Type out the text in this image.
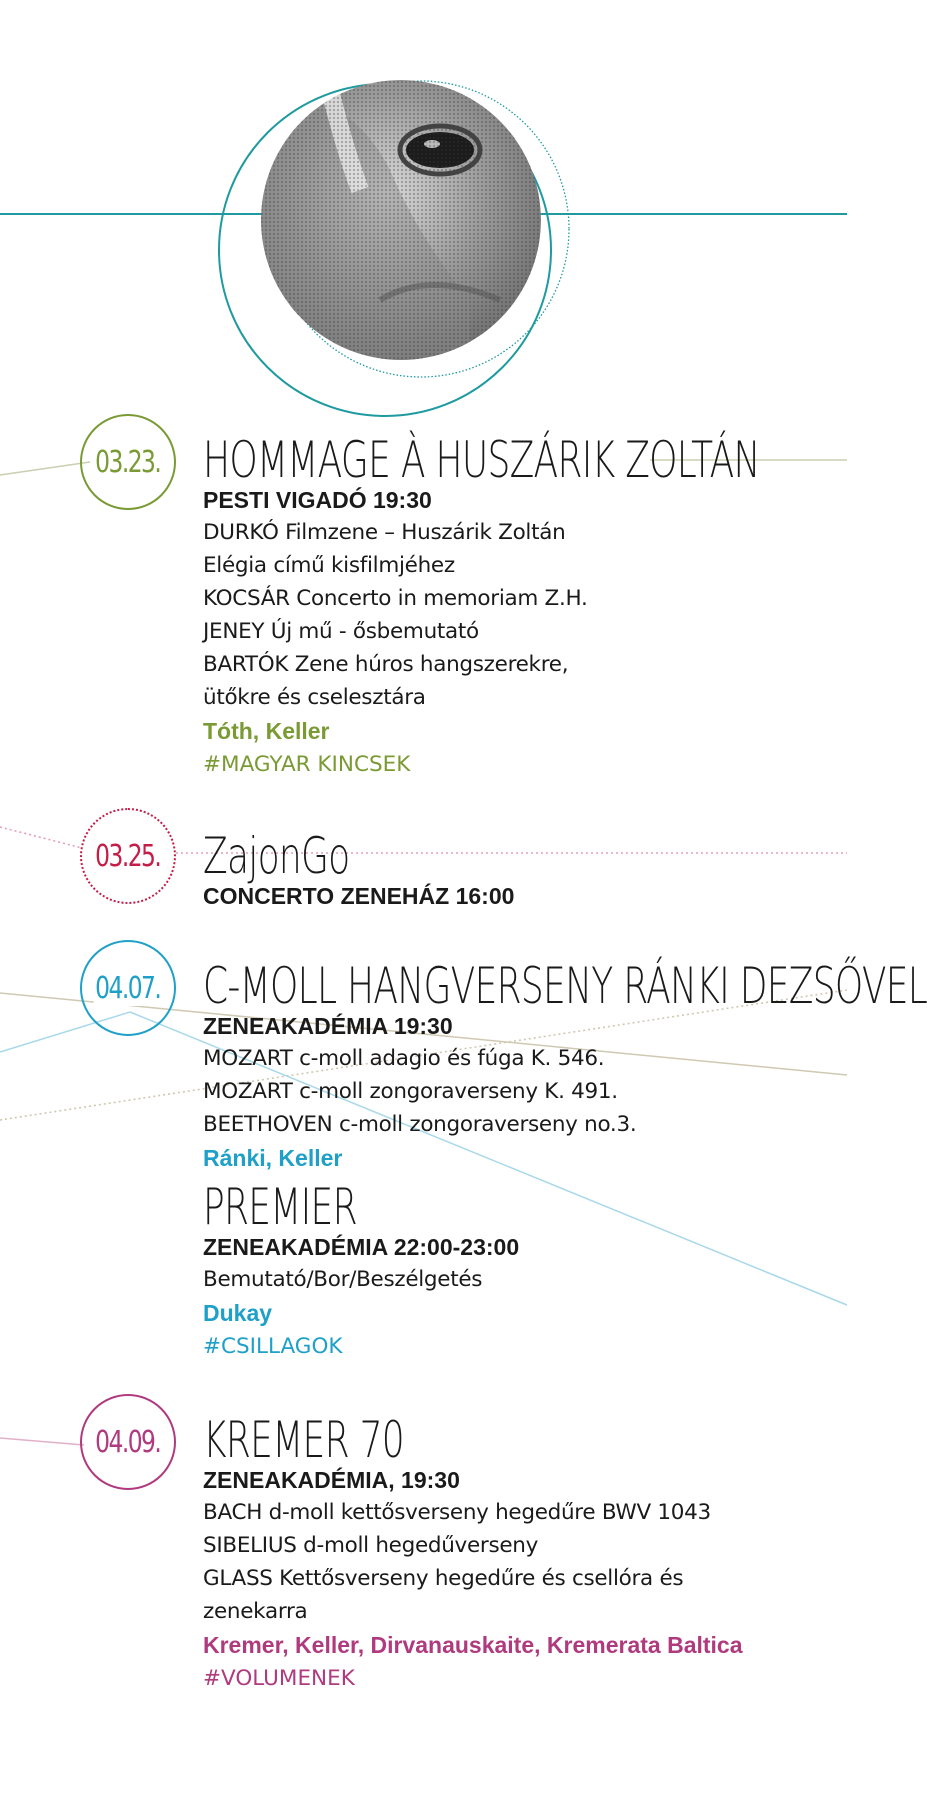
03.23. HOMMAGE À HUSZÁRIK ZOLTÁN
PESTI VIGADÓ 19:30
DURKÓ Filmzene – Huszárik Zoltán
Elégia című kisfilmjéhez
KOCSÁR Concerto in memoriam Z.H.
JENEY Új mű - ősbemutató
BARTÓK Zene húros hangszerekre,
ütőkre és cselesztára
Tóth, Keller
#MAGYAR KINCSEK
03.25. ZajonGo
CONCERTO ZENEHÁZ 16:00
04.07. C-MOLL HANGVERSENY RÁNKI DEZSŐVEL
ZENEAKADÉMIA 19:30
MOZART c-moll adagio és fúga K. 546.
MOZART c-moll zongoraverseny K. 491.
BEETHOVEN c-moll zongoraverseny no.3.
Ránki, Keller
PREMIER
ZENEAKADÉMIA 22:00-23:00
Bemutató/Bor/Beszélgetés
Dukay
#CSILLAGOK
04.09. KREMER 70
ZENEAKADÉMIA, 19:30
BACH d-moll kettősverseny hegedűre BWV 1043
SIBELIUS d-moll hegedűverseny
GLASS Kettősverseny hegedűre és csellóra és
zenekarra
Kremer, Keller, Dirvanauskaite, Kremerata Baltica
#VOLUMENEK
